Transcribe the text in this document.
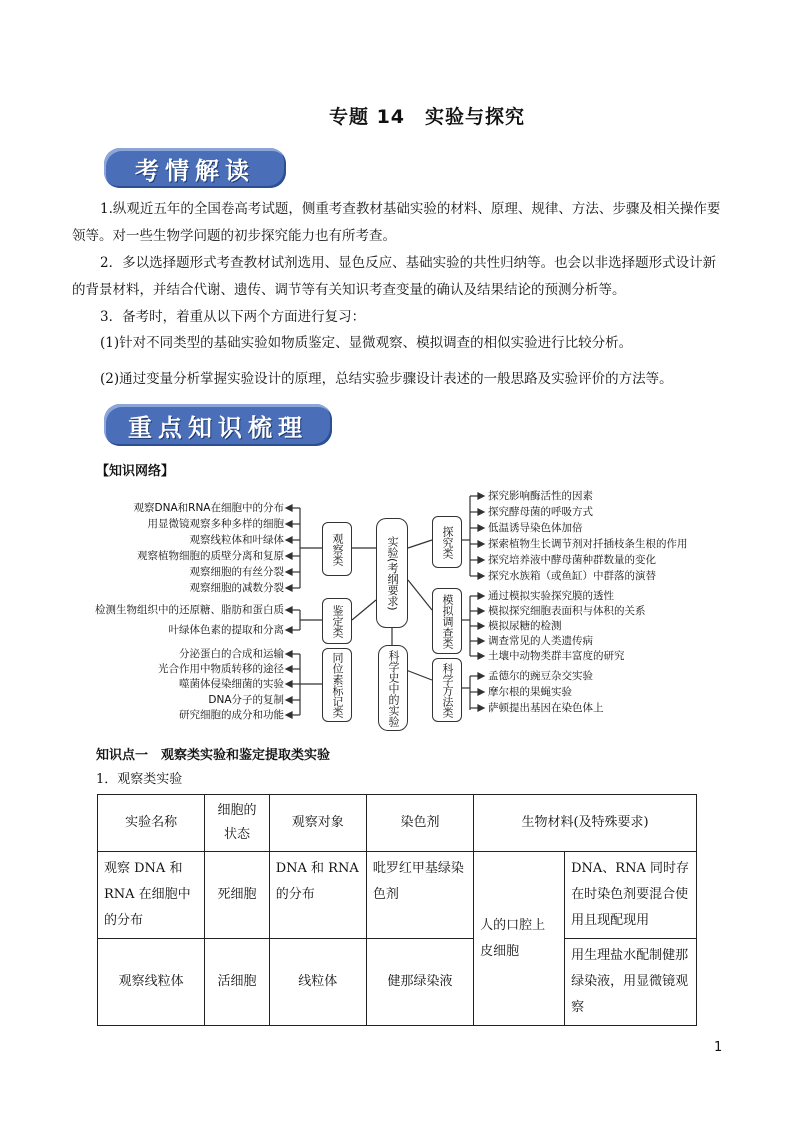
专题 14　实验与探究
考情解读
1.纵观近五年的全国卷高考试题，侧重考查教材基础实验的材料、原理、规律、方法、步骤及相关操作要领等。对一些生物学问题的初步探究能力也有所考查。
2．多以选择题形式考查教材试剂选用、显色反应、基础实验的共性归纳等。也会以非选择题形式设计新的背景材料，并结合代谢、遗传、调节等有关知识考查变量的确认及结果结论的预测分析等。
3．备考时，着重从以下两个方面进行复习：
(1)针对不同类型的基础实验如物质鉴定、显微观察、模拟调查的相似实验进行比较分析。
(2)通过变量分析掌握实验设计的原理，总结实验步骤设计表述的一般思路及实验评价的方法等。
重点知识梳理
【知识网络】
观察DNA和RNA在细胞中的分布
用显微镜观察多种多样的细胞
观察线粒体和叶绿体
观察植物细胞的质壁分离和复原
观察细胞的有丝分裂
观察细胞的减数分裂
检测生物组织中的还原糖、脂肪和蛋白质
叶绿体色素的提取和分离
分泌蛋白的合成和运输
光合作用中物质转移的途径
噬菌体侵染细菌的实验
DNA分子的复制
研究细胞的成分和功能
观察类
鉴定类
同位素标记类
实验(考纲要求)
科学史中的实验
探究类
模拟调查类
科学方法类
探究影响酶活性的因素
探究酵母菌的呼吸方式
低温诱导染色体加倍
探索植物生长调节剂对扦插枝条生根的作用
探究培养液中酵母菌种群数量的变化
探究水族箱（或鱼缸）中群落的演替
通过模拟实验探究膜的透性
模拟探究细胞表面积与体积的关系
模拟尿糖的检测
调查常见的人类遗传病
土壤中动物类群丰富度的研究
孟德尔的豌豆杂交实验
摩尔根的果蝇实验
萨顿提出基因在染色体上
知识点一　观察类实验和鉴定提取类实验
1．观察类实验
实验名称	细胞的状态	观察对象	染色剂	生物材料(及特殊要求)	
观察 DNA 和 RNA 在细胞中的分布	死细胞	DNA 和 RNA 的分布	吡罗红甲基绿染色剂	人的口腔上皮细胞	DNA、RNA 同时存在时染色剂要混合使用且现配现用
观察线粒体	活细胞	线粒体	健那绿染液		用生理盐水配制健那绿染液，用显微镜观察
1
